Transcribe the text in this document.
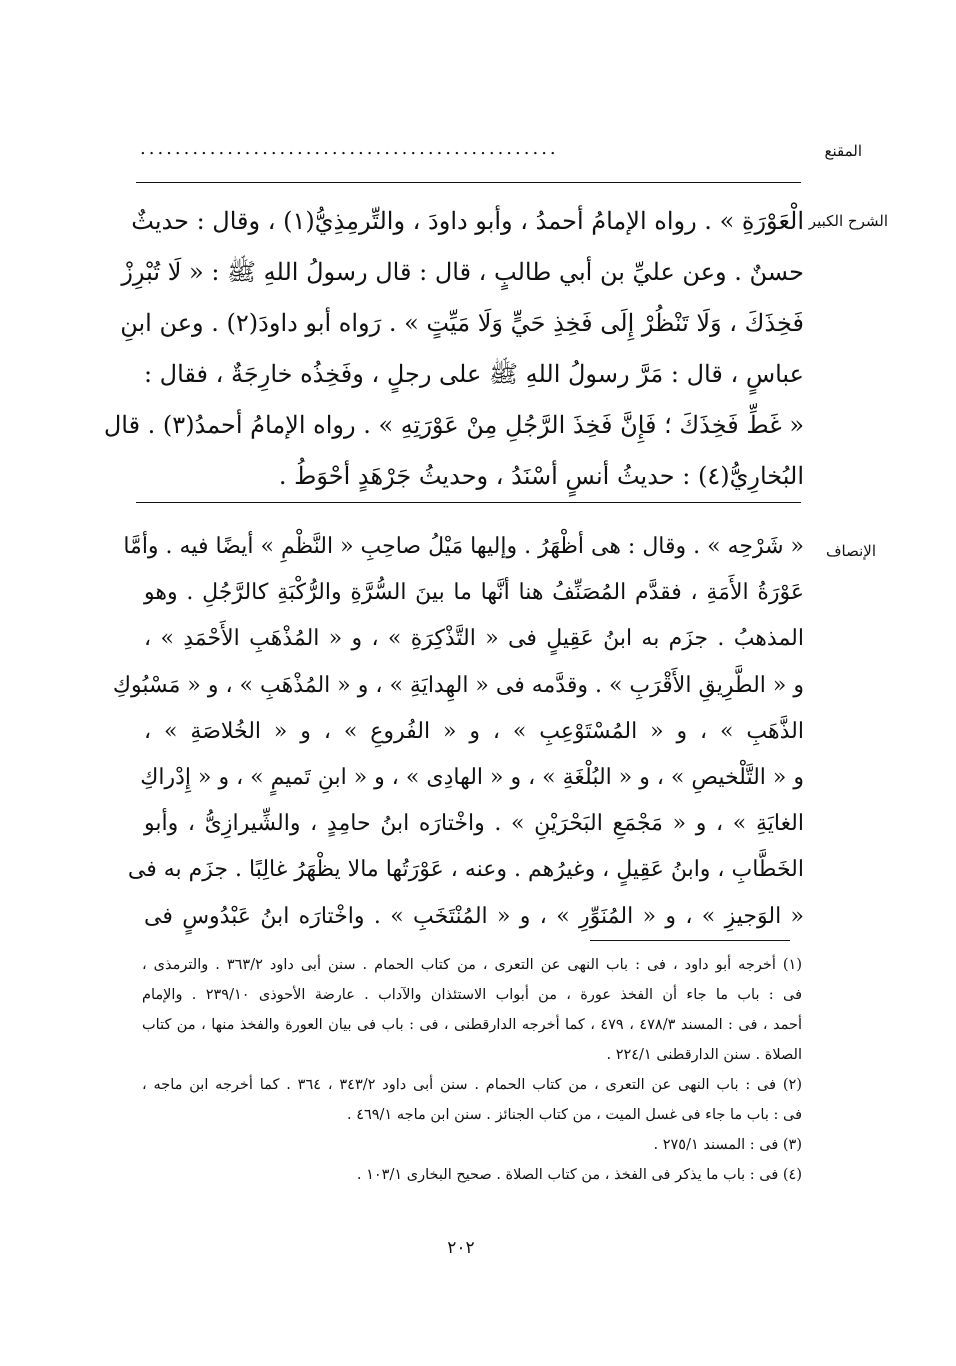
المقنع
................................................
الشرح الكبير
الْعَوْرَةِ » . رواه الإمامُ أحمدُ ، وأبو داودَ ، والتِّرمِذِيُّ(١) ، وقال : حديثٌ
حسنٌ . وعن عليِّ بن أبي طالبٍ ، قال : قال رسولُ اللهِ ﷺ : « لَا تُبْرِزْ
فَخِذَكَ ، وَلَا تَنْظُرْ إِلَى فَخِذِ حَيٍّ وَلَا مَيِّتٍ » . رَواه أبو داودَ(٢) . وعن ابنِ
عباسٍ ، قال : مَرَّ رسولُ اللهِ ﷺ على رجلٍ ، وفَخِذُه خارِجَةٌ ، فقال :
« غَطِّ فَخِذَكَ ؛ فَإِنَّ فَخِذَ الرَّجُلِ مِنْ عَوْرَتِهِ » . رواه الإمامُ أحمدُ(٣) . قال
البُخارِيُّ(٤) : حديثُ أنسٍ أسْنَدُ ، وحديثُ جَرْهَدٍ أحْوَطُ .
الإنصاف
« شَرْحِه » . وقال : هى أظْهَرُ . وإليها مَيْلُ صاحِبِ « النَّظْمِ » أيضًا فيه . وأمَّا
عَوْرَةُ الأَمَةِ ، فقدَّم المُصَنِّفُ هنا أنَّها ما بينَ السُّرَّةِ والرُّكْبَةِ كالرَّجُلِ . وهو
المذهبُ . جزَم به ابنُ عَقِيلٍ فى « التَّذْكِرَةِ » ، و « المُذْهَبِ الأَحْمَدِ » ،
و « الطَّرِيقِ الأَقْرَبِ » . وقدَّمه فى « الهِدايَةِ » ، و « المُذْهَبِ » ، و « مَسْبُوكِ
الذَّهَبِ » ، و « المُسْتَوْعِبِ » ، و « الفُروعِ » ، و « الخُلاصَةِ » ،
و « التَّلْخيصِ » ، و « البُلْغَةِ » ، و « الهادِى » ، و « ابنِ تَميمٍ » ، و « إِدْراكِ
الغايَةِ » ، و « مَجْمَعِ البَحْرَيْنِ » . واخْتارَه ابنُ حامِدٍ ، والشِّيرازِىُّ ، وأبو
الخَطَّابِ ، وابنُ عَقِيلٍ ، وغيرُهم . وعنه ، عَوْرَتُها مالا يظْهَرُ غالِبًا . جزَم به فى
« الوَجيزِ » ، و « المُنَوِّرِ » ، و « المُنْتَخَبِ » . واخْتارَه ابنُ عَبْدُوسٍ فى
(١) أخرجه أبو داود ، فى : باب النهى عن التعرى ، من كتاب الحمام . سنن أبى داود ٣٦٣/٢ . والترمذى ،
فى : باب ما جاء أن الفخذ عورة ، من أبواب الاستئذان والآداب . عارضة الأحوذى ٢٣٩/١٠ . والإمام
أحمد ، فى : المسند ٤٧٨/٣ ، ٤٧٩ ، كما أخرجه الدارقطنى ، فى : باب فى بيان العورة والفخذ منها ، من كتاب
الصلاة . سنن الدارقطنى ٢٢٤/١ .
(٢) فى : باب النهى عن التعرى ، من كتاب الحمام . سنن أبى داود ٣٤٣/٢ ، ٣٦٤ . كما أخرجه ابن ماجه ،
فى : باب ما جاء فى غسل الميت ، من كتاب الجنائز . سنن ابن ماجه ٤٦٩/١ .
(٣) فى : المسند ٢٧٥/١ .
(٤) فى : باب ما يذكر فى الفخذ ، من كتاب الصلاة . صحيح البخارى ١٠٣/١ .
٢٠٢
